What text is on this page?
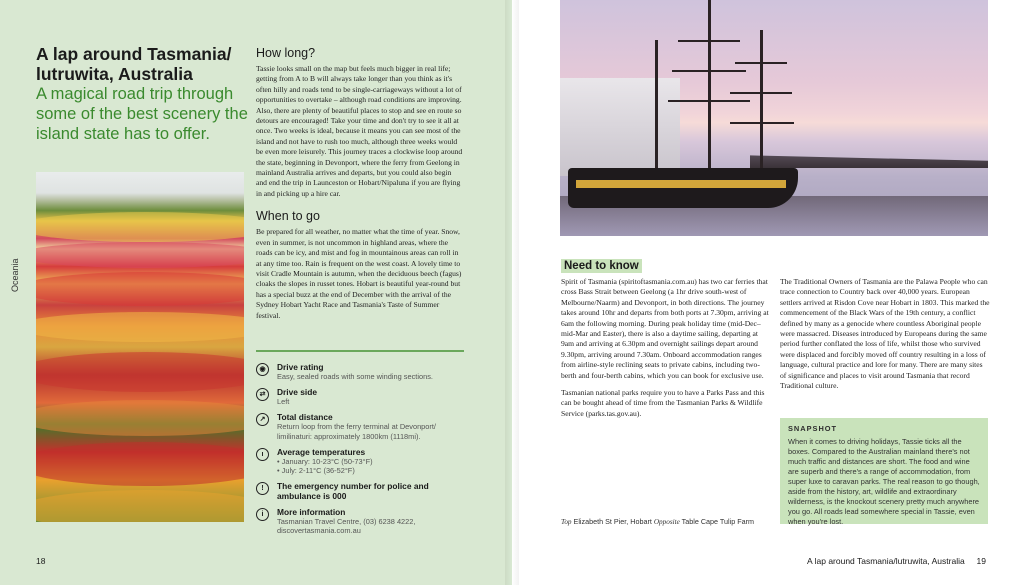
A lap around Tasmania/ lutruwita, Australia

A magical road trip through some of the best scenery the island state has to offer.

Oceania
How long?

Tassie looks small on the map but feels much bigger in real life; getting from A to B will always take longer than you think as it's often hilly and roads tend to be single-carriageways without a lot of opportunities to overtake – although road conditions are improving. Also, there are plenty of beautiful places to stop and see en route so detours are encouraged! Take your time and don't try to see it all at once. Two weeks is ideal, because it means you can see most of the island and not have to rush too much, although three weeks would be even more leisurely. This journey traces a clockwise loop around the state, beginning in Devonport, where the ferry from Geelong in mainland Australia arrives and departs, but you could also begin and end the trip in Launceston or Hobart/Nipaluna if you are flying in and picking up a hire car.

When to go

Be prepared for all weather, no matter what the time of year. Snow, even in summer, is not uncommon in highland areas, where the roads can be icy, and mist and fog in mountainous areas can roll in at any time too. Rain is frequent on the west coast. A lovely time to visit Cradle Mountain is autumn, when the deciduous beech (fagus) cloaks the slopes in russet tones. Hobart is beautiful year-round but has a special buzz at the end of December with the arrival of the Sydney Hobart Yacht Race and Tasmania's Taste of Summer festival.

◉	Drive rating
Easy, sealed roads with some winding sections.
⇄	Drive side
Left
↗	Total distance
Return loop from the ferry terminal at Devonport/ limilinaturi: approximately 1800km (1118mi).
ı	Average temperatures
• January: 10-23°C (50-73°F)
• July: 2-11°C (36-52°F)
!	The emergency number for police and ambulance is 000
i	More information
Tasmanian Travel Centre, (03) 6238 4222,
discovertasmania.com.au
18
Need to know

Spirit of Tasmania (spiritoftasmania.com.au) has two car ferries that cross Bass Strait between Geelong (a 1hr drive south-west of Melbourne/Naarm) and Devonport, in both directions. The journey takes around 10hr and departs from both ports at 7.30pm, arriving at 6am the following morning. During peak holiday time (mid-Dec–mid-Mar and Easter), there is also a daytime sailing, departing at 9am and arriving at 6.30pm and overnight sailings depart around 9.30pm, arriving around 7.30am. Onboard accommodation ranges from airline-style reclining seats to private cabins, including two-berth and four-berth cabins, which you can book for exclusive use.

Tasmanian national parks require you to have a Parks Pass and this can be bought ahead of time from the Tasmanian Parks & Wildlife Service (parks.tas.gov.au).

The Traditional Owners of Tasmania are the Palawa People who can trace connection to Country back over 40,000 years. European settlers arrived at Risdon Cove near Hobart in 1803. This marked the commencement of the Black Wars of the 19th century, a conflict defined by many as a genocide where countless Aboriginal people were massacred. Diseases introduced by Europeans during the same period further conflated the loss of life, whilst those who survived were displaced and forcibly moved off country resulting in a loss of language, cultural practice and lore for many. There are many sites of significance and places to visit around Tasmania that record Traditional culture.

SNAPSHOT
When it comes to driving holidays, Tassie ticks all the boxes. Compared to the Australian mainland there's not much traffic and distances are short. The food and wine are superb and there's a range of accommodation, from super luxe to caravan parks. The real reason to go though, aside from the history, art, wildlife and extraordinary wilderness, is the knockout scenery pretty much anywhere you go. All roads lead somewhere special in Tassie, even when you're lost.
Top Elizabeth St Pier, Hobart Opposite Table Cape Tulip Farm
A lap around Tasmania/lutruwita, Australia 19
